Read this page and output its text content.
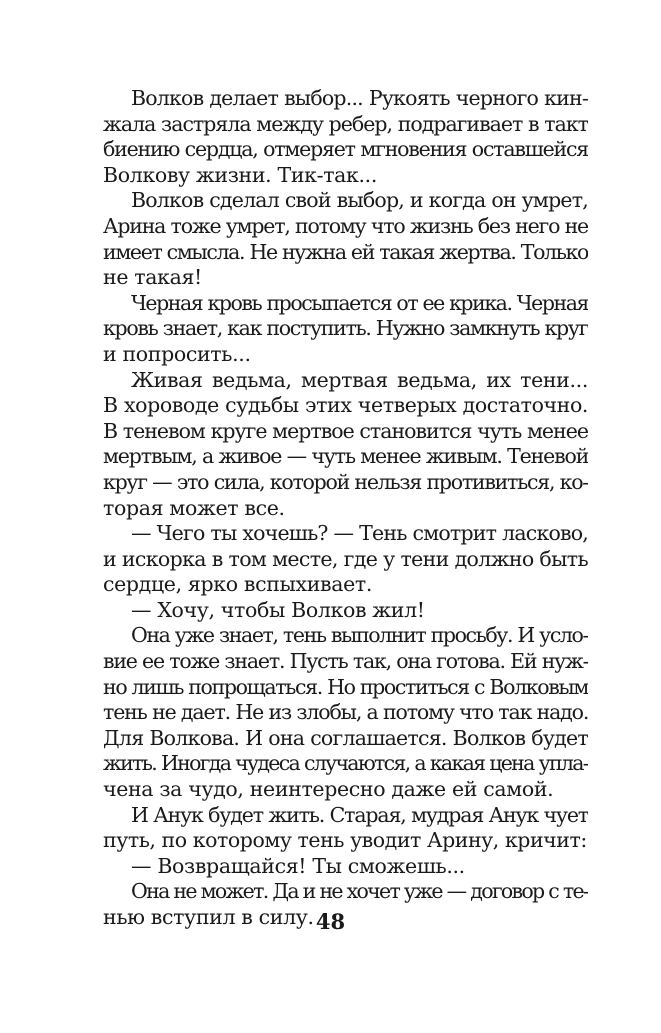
Волков делает выбор... Рукоять черного кин-
жала застряла между ребер, подрагивает в такт
биению сердца, отмеряет мгновения оставшейся
Волкову жизни. Тик-так...
Волков сделал свой выбор, и когда он умрет,
Арина тоже умрет, потому что жизнь без него не
имеет смысла. Не нужна ей такая жертва. Только
не такая!
Черная кровь просыпается от ее крика. Черная
кровь знает, как поступить. Нужно замкнуть круг
и попросить...
Живая ведьма, мертвая ведьма, их тени...
В хороводе судьбы этих четверых достаточно.
В теневом круге мертвое становится чуть менее
мертвым, а живое — чуть менее живым. Теневой
круг — это сила, которой нельзя противиться, ко-
торая может все.
— Чего ты хочешь? — Тень смотрит ласково,
и искорка в том месте, где у тени должно быть
сердце, ярко вспыхивает.
— Хочу, чтобы Волков жил!
Она уже знает, тень выполнит просьбу. И усло-
вие ее тоже знает. Пусть так, она готова. Ей нуж-
но лишь попрощаться. Но проститься с Волковым
тень не дает. Не из злобы, а потому что так надо.
Для Волкова. И она соглашается. Волков будет
жить. Иногда чудеса случаются, а какая цена упла-
чена за чудо, неинтересно даже ей самой.
И Анук будет жить. Старая, мудрая Анук чует
путь, по которому тень уводит Арину, кричит:
— Возвращайся! Ты сможешь...
Она не может. Да и не хочет уже — договор с те-
нью вступил в силу. 48
